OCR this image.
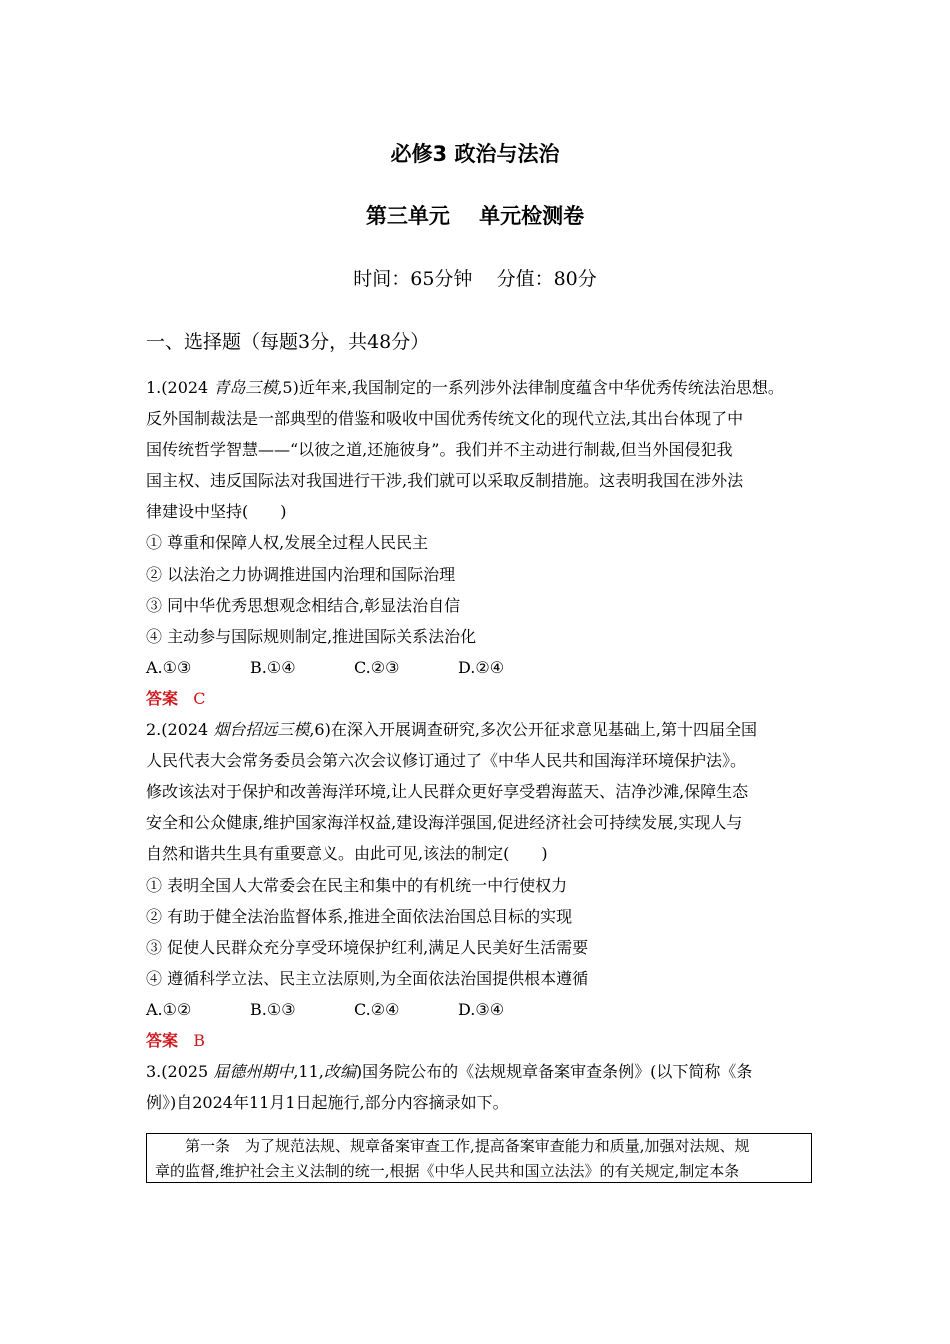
必修3 政治与法治
第三单元    单元检测卷
时间：65分钟    分值：80分
一、选择题（每题3分，共48分）
1.(2024 青岛三模,5)近年来,我国制定的一系列涉外法律制度蕴含中华优秀传统法治思想。
反外国制裁法是一部典型的借鉴和吸收中国优秀传统文化的现代立法,其出台体现了中
国传统哲学智慧——“以彼之道,还施彼身”。我们并不主动进行制裁,但当外国侵犯我
国主权、违反国际法对我国进行干涉,我们就可以采取反制措施。这表明我国在涉外法
律建设中坚持(　　)
① 尊重和保障人权,发展全过程人民民主
② 以法治之力协调推进国内治理和国际治理
③ 同中华优秀思想观念相结合,彰显法治自信
④ 主动参与国际规则制定,推进国际关系法治化
A.①③	B.①④	C.②③	D.②④
答案 C
2.(2024 烟台招远三模,6)在深入开展调查研究,多次公开征求意见基础上,第十四届全国
人民代表大会常务委员会第六次会议修订通过了《中华人民共和国海洋环境保护法》。
修改该法对于保护和改善海洋环境,让人民群众更好享受碧海蓝天、洁净沙滩,保障生态
安全和公众健康,维护国家海洋权益,建设海洋强国,促进经济社会可持续发展,实现人与
自然和谐共生具有重要意义。由此可见,该法的制定(　　)
① 表明全国人大常委会在民主和集中的有机统一中行使权力
② 有助于健全法治监督体系,推进全面依法治国总目标的实现
③ 促使人民群众充分享受环境保护红利,满足人民美好生活需要
④ 遵循科学立法、民主立法原则,为全面依法治国提供根本遵循
A.①②	B.①③	C.②④	D.③④
答案 B
3.(2025 届德州期中,11,改编)国务院公布的《法规规章备案审查条例》(以下简称《条
例》)自2024年11月1日起施行,部分内容摘录如下。
　　第一条　为了规范法规、规章备案审查工作,提高备案审查能力和质量,加强对法规、规
章的监督,维护社会主义法制的统一,根据《中华人民共和国立法法》的有关规定,制定本条
